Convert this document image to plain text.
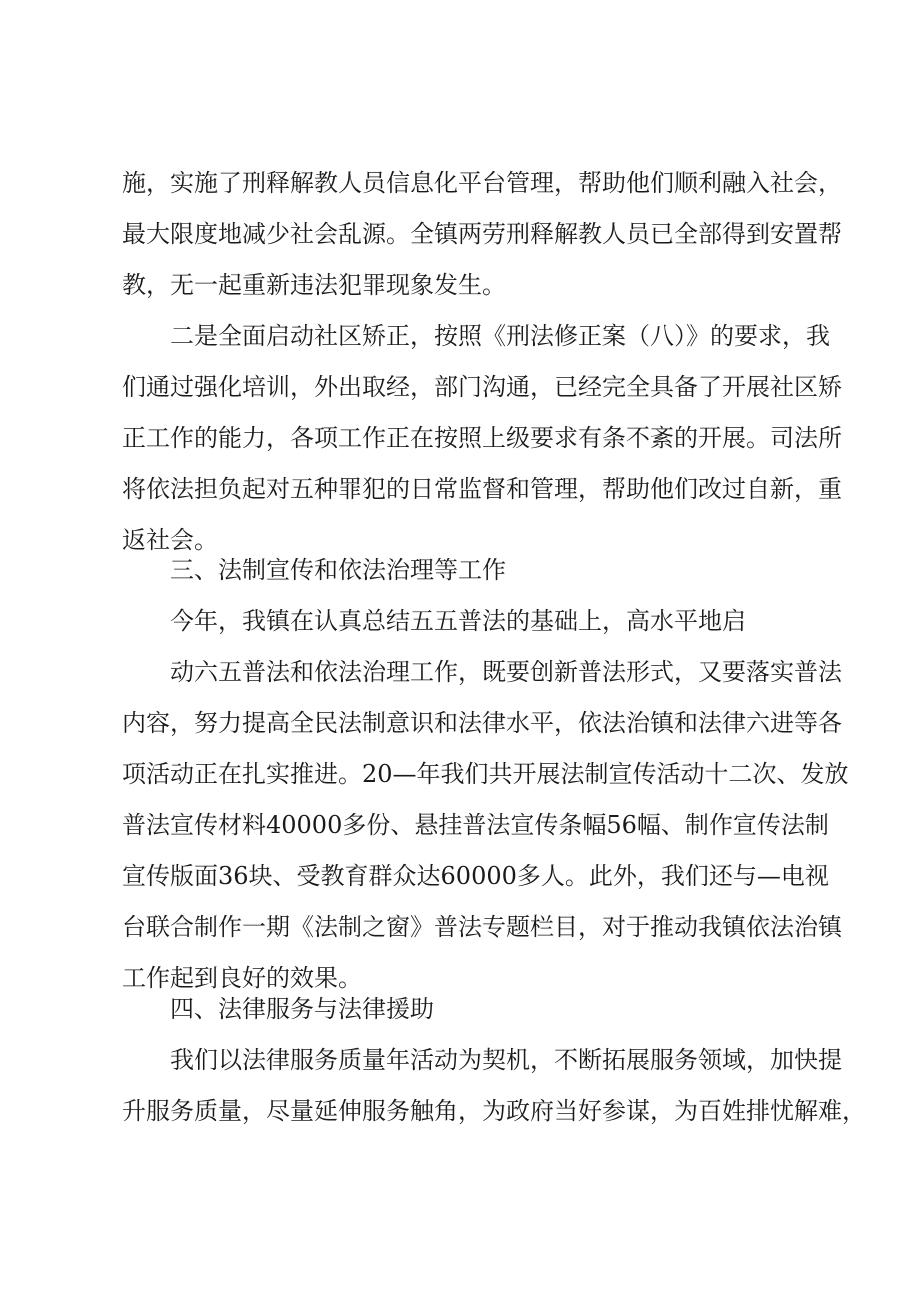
施，实施了刑释解教人员信息化平台管理，帮助他们顺利融入社会，
最大限度地减少社会乱源。全镇两劳刑释解教人员已全部得到安置帮
教，无一起重新违法犯罪现象发生。
二是全面启动社区矫正，按照《刑法修正案（八）》的要求，我
们通过强化培训，外出取经，部门沟通，已经完全具备了开展社区矫
正工作的能力，各项工作正在按照上级要求有条不紊的开展。司法所
将依法担负起对五种罪犯的日常监督和管理，帮助他们改过自新，重
返社会。
三、法制宣传和依法治理等工作
今年，我镇在认真总结五五普法的基础上，高水平地启
动六五普法和依法治理工作，既要创新普法形式，又要落实普法
内容，努力提高全民法制意识和法律水平，依法治镇和法律六进等各
项活动正在扎实推进。20—年我们共开展法制宣传活动十二次、发放
普法宣传材料40000多份、悬挂普法宣传条幅56幅、制作宣传法制
宣传版面36块、受教育群众达60000多人。此外，我们还与—电视
台联合制作一期《法制之窗》普法专题栏目，对于推动我镇依法治镇
工作起到良好的效果。
四、法律服务与法律援助
我们以法律服务质量年活动为契机，不断拓展服务领域，加快提
升服务质量，尽量延伸服务触角，为政府当好参谋，为百姓排忧解难，
